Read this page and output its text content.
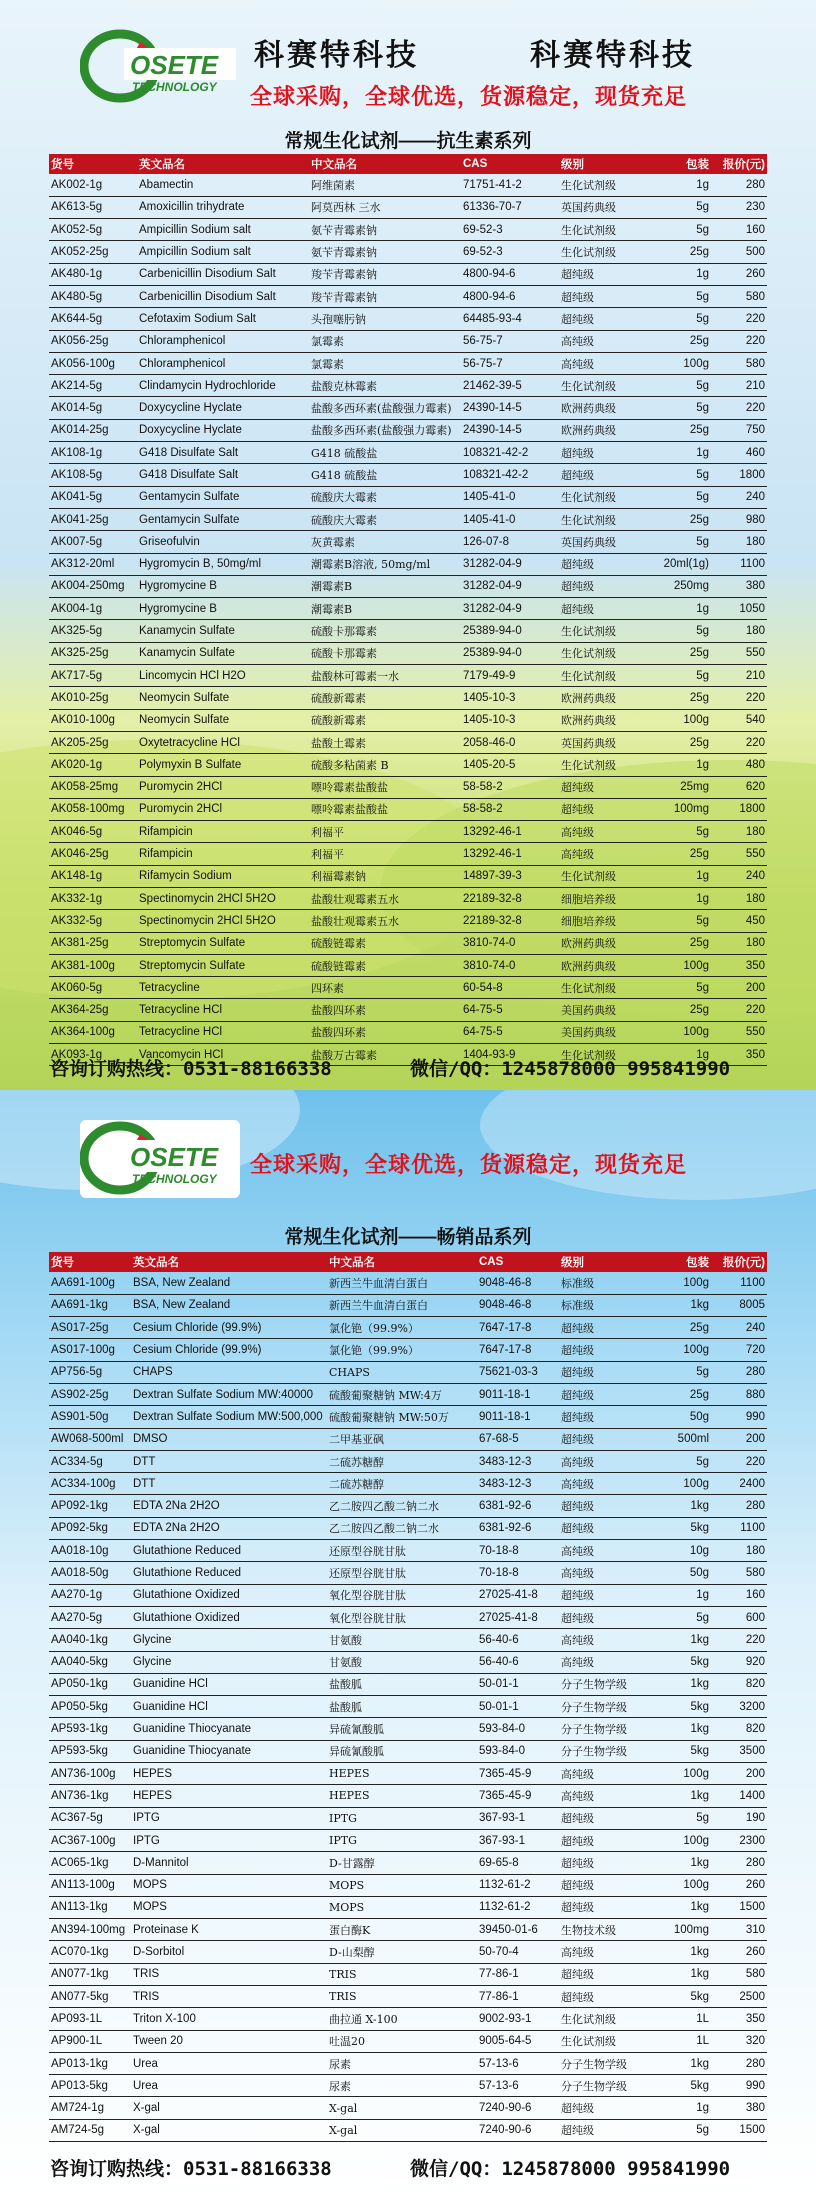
OSETE
TECHNOLOGY
科赛特科技	科赛特科技
全球采购，全球优选，货源稳定，现货充足
常规生化试剂——抗生素系列
货号	英文品名	中文品名	CAS	级别	包装	报价(元)
AK002-1g	Abamectin	阿维菌素	71751-41-2	生化试剂级	1g	280
AK613-5g	Amoxicillin trihydrate	阿莫西林 三水	61336-70-7	英国药典级	5g	230
AK052-5g	Ampicillin Sodium salt	氨苄青霉素钠	69-52-3	生化试剂级	5g	160
AK052-25g	Ampicillin Sodium salt	氨苄青霉素钠	69-52-3	生化试剂级	25g	500
AK480-1g	Carbenicillin Disodium Salt	羧苄青霉素钠	4800-94-6	超纯级	1g	260
AK480-5g	Carbenicillin Disodium Salt	羧苄青霉素钠	4800-94-6	超纯级	5g	580
AK644-5g	Cefotaxim Sodium Salt	头孢噻肟钠	64485-93-4	超纯级	5g	220
AK056-25g	Chloramphenicol	氯霉素	56-75-7	高纯级	25g	220
AK056-100g	Chloramphenicol	氯霉素	56-75-7	高纯级	100g	580
AK214-5g	Clindamycin Hydrochloride	盐酸克林霉素	21462-39-5	生化试剂级	5g	210
AK014-5g	Doxycycline Hyclate	盐酸多西环素(盐酸强力霉素)	24390-14-5	欧洲药典级	5g	220
AK014-25g	Doxycycline Hyclate	盐酸多西环素(盐酸强力霉素)	24390-14-5	欧洲药典级	25g	750
AK108-1g	G418 Disulfate Salt	G418 硫酸盐	108321-42-2	超纯级	1g	460
AK108-5g	G418 Disulfate Salt	G418 硫酸盐	108321-42-2	超纯级	5g	1800
AK041-5g	Gentamycin Sulfate	硫酸庆大霉素	1405-41-0	生化试剂级	5g	240
AK041-25g	Gentamycin Sulfate	硫酸庆大霉素	1405-41-0	生化试剂级	25g	980
AK007-5g	Griseofulvin	灰黄霉素	126-07-8	英国药典级	5g	180
AK312-20ml	Hygromycin B, 50mg/ml	潮霉素B溶液, 50mg/ml	31282-04-9	超纯级	20ml(1g)	1100
AK004-250mg	Hygromycine B	潮霉素B	31282-04-9	超纯级	250mg	380
AK004-1g	Hygromycine B	潮霉素B	31282-04-9	超纯级	1g	1050
AK325-5g	Kanamycin Sulfate	硫酸卡那霉素	25389-94-0	生化试剂级	5g	180
AK325-25g	Kanamycin Sulfate	硫酸卡那霉素	25389-94-0	生化试剂级	25g	550
AK717-5g	Lincomycin HCl H2O	盐酸林可霉素一水	7179-49-9	生化试剂级	5g	210
AK010-25g	Neomycin Sulfate	硫酸新霉素	1405-10-3	欧洲药典级	25g	220
AK010-100g	Neomycin Sulfate	硫酸新霉素	1405-10-3	欧洲药典级	100g	540
AK205-25g	Oxytetracycline HCl	盐酸土霉素	2058-46-0	英国药典级	25g	220
AK020-1g	Polymyxin B Sulfate	硫酸多粘菌素 B	1405-20-5	生化试剂级	1g	480
AK058-25mg	Puromycin 2HCl	嘌呤霉素盐酸盐	58-58-2	超纯级	25mg	620
AK058-100mg	Puromycin 2HCl	嘌呤霉素盐酸盐	58-58-2	超纯级	100mg	1800
AK046-5g	Rifampicin	利福平	13292-46-1	高纯级	5g	180
AK046-25g	Rifampicin	利福平	13292-46-1	高纯级	25g	550
AK148-1g	Rifamycin Sodium	利福霉素钠	14897-39-3	生化试剂级	1g	240
AK332-1g	Spectinomycin 2HCl 5H2O	盐酸壮观霉素五水	22189-32-8	细胞培养级	1g	180
AK332-5g	Spectinomycin 2HCl 5H2O	盐酸壮观霉素五水	22189-32-8	细胞培养级	5g	450
AK381-25g	Streptomycin Sulfate	硫酸链霉素	3810-74-0	欧洲药典级	25g	180
AK381-100g	Streptomycin Sulfate	硫酸链霉素	3810-74-0	欧洲药典级	100g	350
AK060-5g	Tetracycline	四环素	60-54-8	生化试剂级	5g	200
AK364-25g	Tetracycline HCl	盐酸四环素	64-75-5	美国药典级	25g	220
AK364-100g	Tetracycline HCl	盐酸四环素	64-75-5	美国药典级	100g	550
AK093-1g	Vancomycin HCl	盐酸万古霉素	1404-93-9	生化试剂级	1g	350
咨询订购热线：0531-88166338	微信/QQ：1245878000 995841990
OSETE
TECHNOLOGY
全球采购，全球优选，货源稳定，现货充足
常规生化试剂——畅销品系列
货号	英文品名	中文品名	CAS	级别	包装	报价(元)
AA691-100g	BSA, New Zealand	新西兰牛血清白蛋白	9048-46-8	标准级	100g	1100
AA691-1kg	BSA, New Zealand	新西兰牛血清白蛋白	9048-46-8	标准级	1kg	8005
AS017-25g	Cesium Chloride (99.9%)	氯化铯（99.9%）	7647-17-8	超纯级	25g	240
AS017-100g	Cesium Chloride (99.9%)	氯化铯（99.9%）	7647-17-8	超纯级	100g	720
AP756-5g	CHAPS	CHAPS	75621-03-3	超纯级	5g	280
AS902-25g	Dextran Sulfate Sodium MW:40000	硫酸葡聚糖钠 MW:4万	9011-18-1	超纯级	25g	880
AS901-50g	Dextran Sulfate Sodium MW:500,000	硫酸葡聚糖钠 MW:50万	9011-18-1	超纯级	50g	990
AW068-500ml	DMSO	二甲基亚砜	67-68-5	超纯级	500ml	200
AC334-5g	DTT	二硫苏糖醇	3483-12-3	高纯级	5g	220
AC334-100g	DTT	二硫苏糖醇	3483-12-3	高纯级	100g	2400
AP092-1kg	EDTA 2Na 2H2O	乙二胺四乙酸二钠二水	6381-92-6	超纯级	1kg	280
AP092-5kg	EDTA 2Na 2H2O	乙二胺四乙酸二钠二水	6381-92-6	超纯级	5kg	1100
AA018-10g	Glutathione Reduced	还原型谷胱甘肽	70-18-8	高纯级	10g	180
AA018-50g	Glutathione Reduced	还原型谷胱甘肽	70-18-8	高纯级	50g	580
AA270-1g	Glutathione Oxidized	氧化型谷胱甘肽	27025-41-8	超纯级	1g	160
AA270-5g	Glutathione Oxidized	氧化型谷胱甘肽	27025-41-8	超纯级	5g	600
AA040-1kg	Glycine	甘氨酸	56-40-6	高纯级	1kg	220
AA040-5kg	Glycine	甘氨酸	56-40-6	高纯级	5kg	920
AP050-1kg	Guanidine HCl	盐酸胍	50-01-1	分子生物学级	1kg	820
AP050-5kg	Guanidine HCl	盐酸胍	50-01-1	分子生物学级	5kg	3200
AP593-1kg	Guanidine Thiocyanate	异硫氰酸胍	593-84-0	分子生物学级	1kg	820
AP593-5kg	Guanidine Thiocyanate	异硫氰酸胍	593-84-0	分子生物学级	5kg	3500
AN736-100g	HEPES	HEPES	7365-45-9	高纯级	100g	200
AN736-1kg	HEPES	HEPES	7365-45-9	高纯级	1kg	1400
AC367-5g	IPTG	IPTG	367-93-1	超纯级	5g	190
AC367-100g	IPTG	IPTG	367-93-1	超纯级	100g	2300
AC065-1kg	D-Mannitol	D-甘露醇	69-65-8	超纯级	1kg	280
AN113-100g	MOPS	MOPS	1132-61-2	超纯级	100g	260
AN113-1kg	MOPS	MOPS	1132-61-2	超纯级	1kg	1500
AN394-100mg	Proteinase K	蛋白酶K	39450-01-6	生物技术级	100mg	310
AC070-1kg	D-Sorbitol	D-山梨醇	50-70-4	高纯级	1kg	260
AN077-1kg	TRIS	TRIS	77-86-1	超纯级	1kg	580
AN077-5kg	TRIS	TRIS	77-86-1	超纯级	5kg	2500
AP093-1L	Triton X-100	曲拉通 X-100	9002-93-1	生化试剂级	1L	350
AP900-1L	Tween 20	吐温20	9005-64-5	生化试剂级	1L	320
AP013-1kg	Urea	尿素	57-13-6	分子生物学级	1kg	280
AP013-5kg	Urea	尿素	57-13-6	分子生物学级	5kg	990
AM724-1g	X-gal	X-gal	7240-90-6	超纯级	1g	380
AM724-5g	X-gal	X-gal	7240-90-6	超纯级	5g	1500
咨询订购热线：0531-88166338	微信/QQ：1245878000 995841990
